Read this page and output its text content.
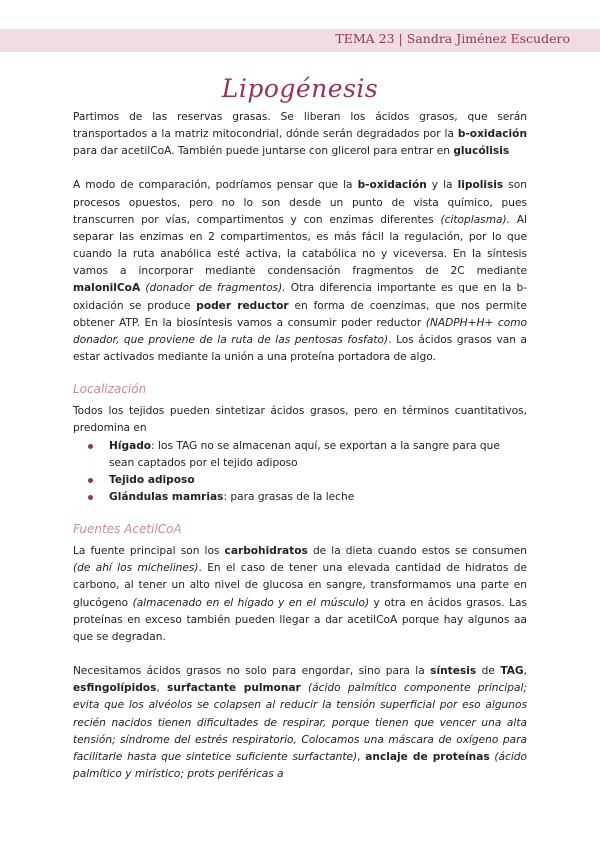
TEMA 23 | Sandra Jiménez Escudero
Lipogénesis

Partimos de las reservas grasas. Se liberan los ácidos grasos, que serán transportados a la matriz mitocondrial, dónde serán degradados por la b-oxidación para dar acetilCoA. También puede juntarse con glicerol para entrar en glucólisis

A modo de comparación, podríamos pensar que la b-oxidación y la lipolisis son procesos opuestos, pero no lo son desde un punto de vista químico, pues transcurren por vías, compartimentos y con enzimas diferentes (citoplasma). Al separar las enzimas en 2 compartimentos, es más fácil la regulación, por lo que cuando la ruta anabólica esté activa, la catabólica no y viceversa. En la síntesis vamos a incorporar mediante condensación fragmentos de 2C mediante malonilCoA (donador de fragmentos). Otra diferencia importante es que en la b-oxidación se produce poder reductor en forma de coenzimas, que nos permite obtener ATP. En la biosíntesis vamos a consumir poder reductor (NADPH+H+ como donador, que proviene de la ruta de las pentosas fosfato). Los ácidos grasos van a estar activados mediante la unión a una proteína portadora de algo.

Localización

Todos los tejidos pueden sintetizar ácidos grasos, pero en términos cuantitativos, predomina en

Hígado: los TAG no se almacenan aquí, se exportan a la sangre para que sean captados por el tejido adiposo
Tejido adiposo
Glándulas mamrias: para grasas de la leche
Fuentes AcetilCoA

La fuente principal son los carbohidratos de la dieta cuando estos se consumen (de ahí los michelines). En el caso de tener una elevada cantidad de hidratos de carbono, al tener un alto nivel de glucosa en sangre, transformamos una parte en glucógeno (almacenado en el hígado y en el músculo) y otra en ácidos grasos. Las proteínas en exceso también pueden llegar a dar acetilCoA porque hay algunos aa que se degradan.

Necesitamos ácidos grasos no solo para engordar, sino para la síntesis de TAG, esfingolípidos, surfactante pulmonar (ácido palmítico componente principal; evita que los alvéolos se colapsen al reducir la tensión superficial por eso algunos recién nacidos tienen dificultades de respirar, porque tienen que vencer una alta tensión; síndrome del estrés respiratorio, Colocamos una máscara de oxígeno para facilitarle hasta que sintetice suficiente surfactante), anclaje de proteínas (ácido palmítico y mirístico; prots periféricas a
